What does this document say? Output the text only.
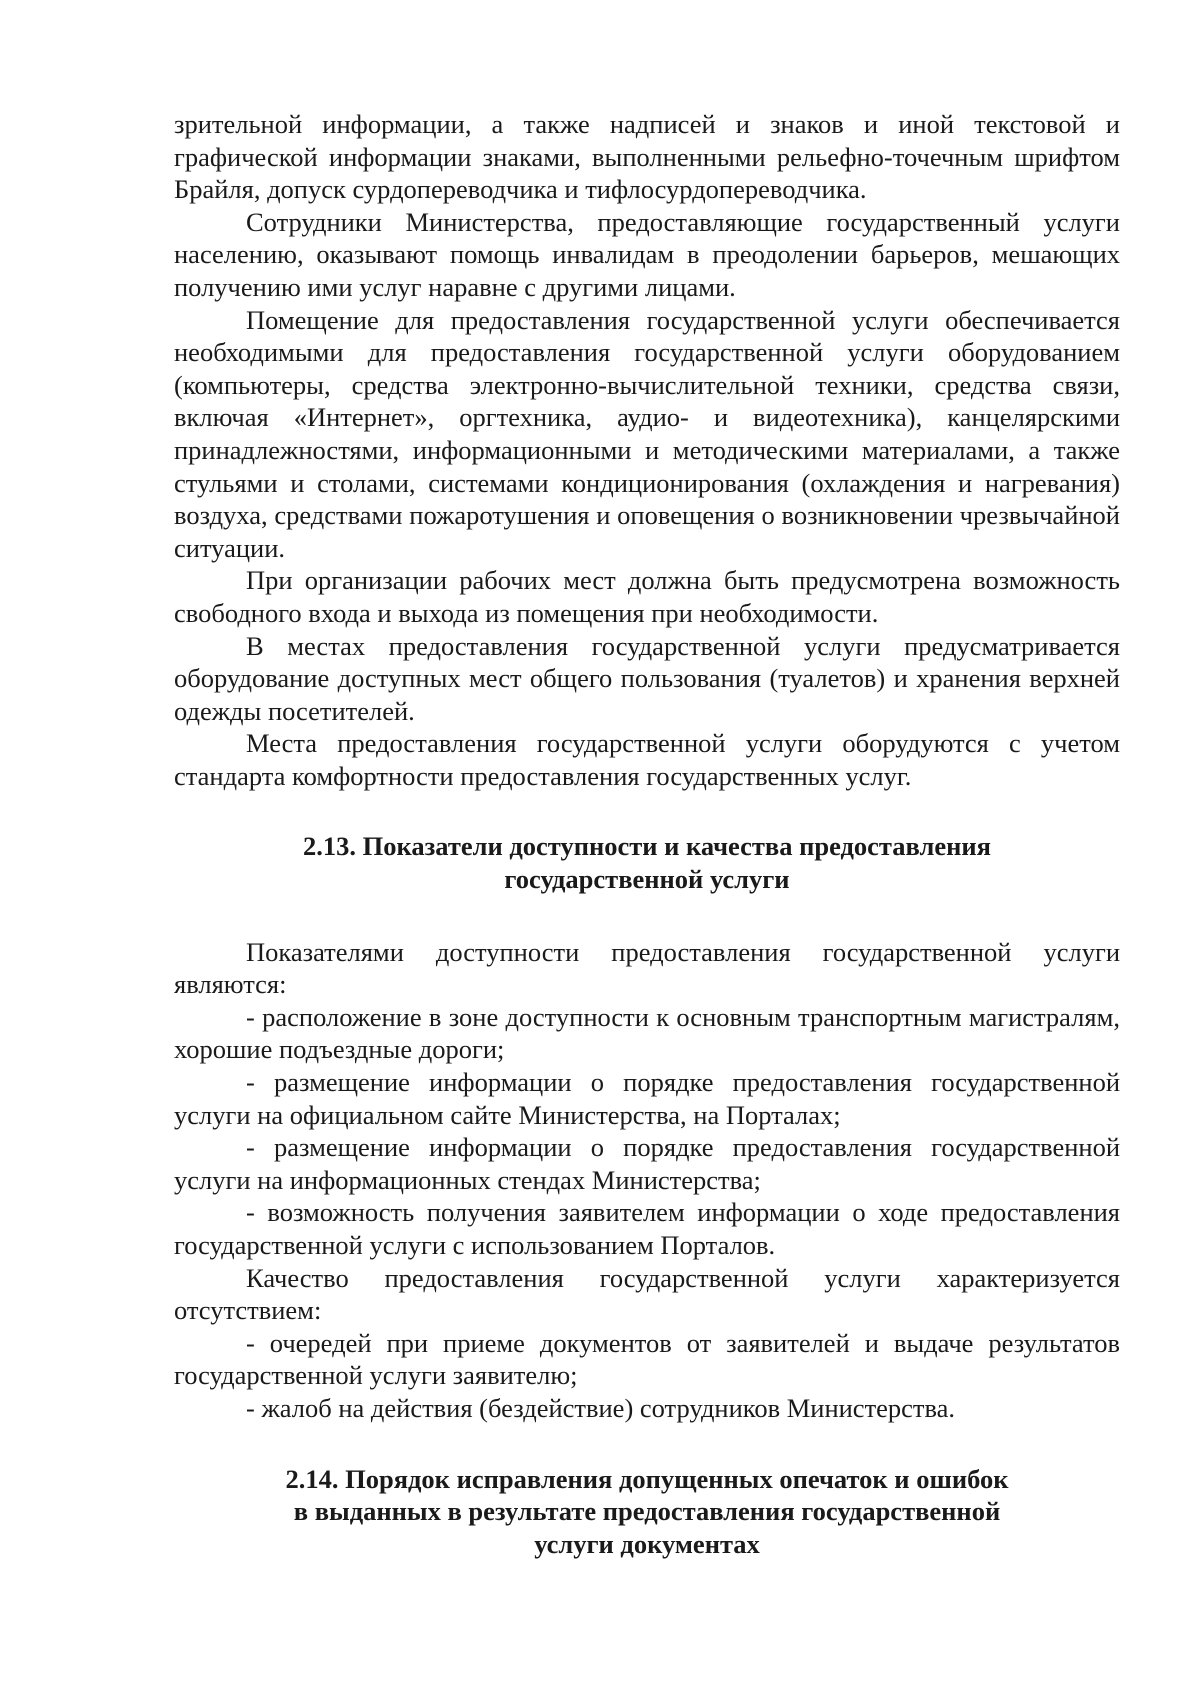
зрительной информации, а также надписей и знаков и иной текстовой и графической информации знаками, выполненными рельефно-точечным шрифтом Брайля, допуск сурдопереводчика и тифлосурдопереводчика.

Сотрудники Министерства, предоставляющие государственный услуги населению, оказывают помощь инвалидам в преодолении барьеров, мешающих получению ими услуг наравне с другими лицами.

Помещение для предоставления государственной услуги обеспечивается необходимыми для предоставления государственной услуги оборудованием (компьютеры, средства электронно-вычислительной техники, средства связи, включая «Интернет», оргтехника, аудио- и видеотехника), канцелярскими принадлежностями, информационными и методическими материалами, а также стульями и столами, системами кондиционирования (охлаждения и нагревания) воздуха, средствами пожаротушения и оповещения о возникновении чрезвычайной ситуации.

При организации рабочих мест должна быть предусмотрена возможность свободного входа и выхода из помещения при необходимости.

В местах предоставления государственной услуги предусматривается оборудование доступных мест общего пользования (туалетов) и хранения верхней одежды посетителей.

Места предоставления государственной услуги оборудуются с учетом стандарта комфортности предоставления государственных услуг.

2.13. Показатели доступности и качества предоставления
государственной услуги

Показателями доступности предоставления государственной услуги являются:

- расположение в зоне доступности к основным транспортным магистралям, хорошие подъездные дороги;

- размещение информации о порядке предоставления государственной услуги на официальном сайте Министерства, на Порталах;

- размещение информации о порядке предоставления государственной услуги на информационных стендах Министерства;

- возможность получения заявителем информации о ходе предоставления государственной услуги с использованием Порталов.

Качество предоставления государственной услуги характеризуется отсутствием:

- очередей при приеме документов от заявителей и выдаче результатов государственной услуги заявителю;

- жалоб на действия (бездействие) сотрудников Министерства.

2.14. Порядок исправления допущенных опечаток и ошибок
в выданных в результате предоставления государственной
услуги документах
